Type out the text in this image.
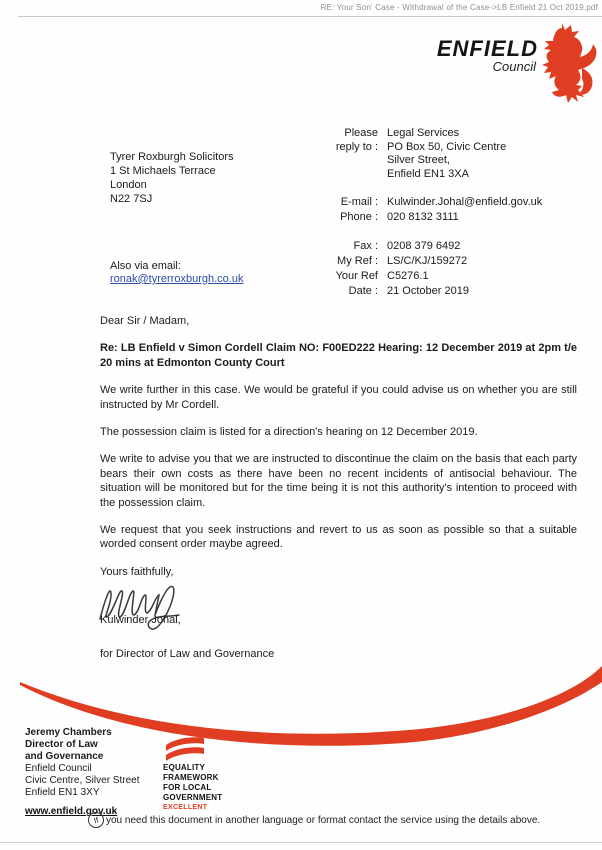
RE: Your Son' Case - Withdrawal of the Case->LB Enfield 21 Oct 2019.pdf
ENFIELD
Council
Tyrer Roxburgh Solicitors
1 St Michaels Terrace
London
N22 7SJ
Please
reply to :
Legal Services
PO Box 50, Civic Centre
Silver Street,
Enfield EN1 3XA
E-mail : Kulwinder.Johal@enfield.gov.uk
Phone : 020 8132 3111
Fax : 0208 379 6492
My Ref : LS/C/KJ/159272
Your Ref C5276.1
Date : 21 October 2019
Also via email:
ronak@tyrerroxburgh.co.uk

Dear Sir / Madam,

Re: LB Enfield v Simon Cordell Claim NO: F00ED222 Hearing: 12 December 2019 at 2pm t/e 20 mins at Edmonton County Court

We write further in this case. We would be grateful if you could advise us on whether you are still instructed by Mr Cordell.

The possession claim is listed for a direction's hearing on 12 December 2019.

We write to advise you that we are instructed to discontinue the claim on the basis that each party bears their own costs as there have been no recent incidents of antisocial behaviour. The situation will be monitored but for the time being it is not this authority's intention to proceed with the possession claim.

We request that you seek instructions and revert to us as soon as possible so that a suitable worded consent order maybe agreed.

Yours faithfully,

Kulwinder Johal,
for Director of Law and Governance
Jeremy Chambers
Director of Law
and Governance
Enfield Council
Civic Centre, Silver Street
Enfield EN1 3XY
www.enfield.gov.uk
EQUALITY
FRAMEWORK
FOR LOCAL
GOVERNMENT
EXCELLENT
If you need this document in another language or format contact the service using the details above.
